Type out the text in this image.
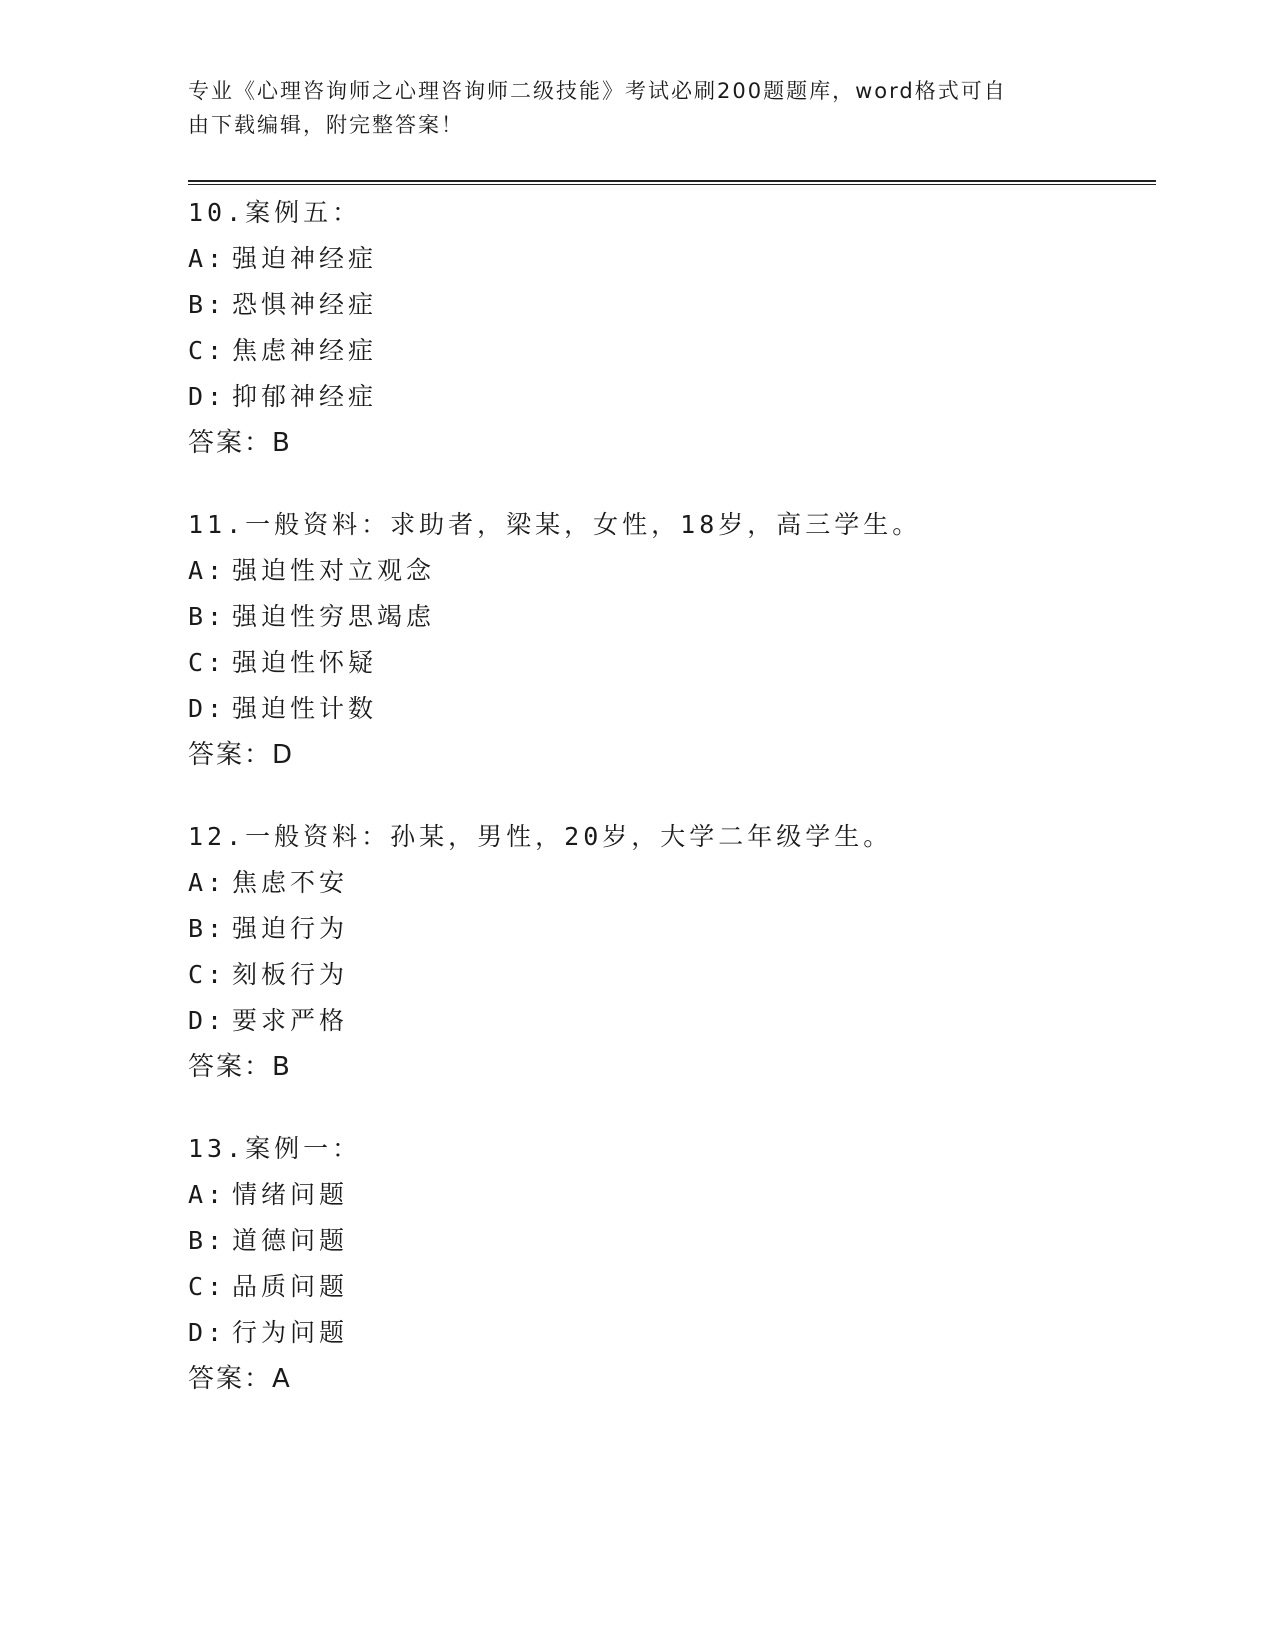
专业《心理咨询师之心理咨询师二级技能》考试必刷200题题库，word格式可自
由下载编辑，附完整答案！
10.案例五：
A: 强迫神经症
B: 恐惧神经症
C: 焦虑神经症
D: 抑郁神经症
答案：B
11.一般资料：求助者，梁某，女性，18岁，高三学生。
A: 强迫性对立观念
B: 强迫性穷思竭虑
C: 强迫性怀疑
D: 强迫性计数
答案：D
12.一般资料：孙某，男性，20岁，大学二年级学生。
A: 焦虑不安
B: 强迫行为
C: 刻板行为
D: 要求严格
答案：B
13.案例一：
A: 情绪问题
B: 道德问题
C: 品质问题
D: 行为问题
答案：A
